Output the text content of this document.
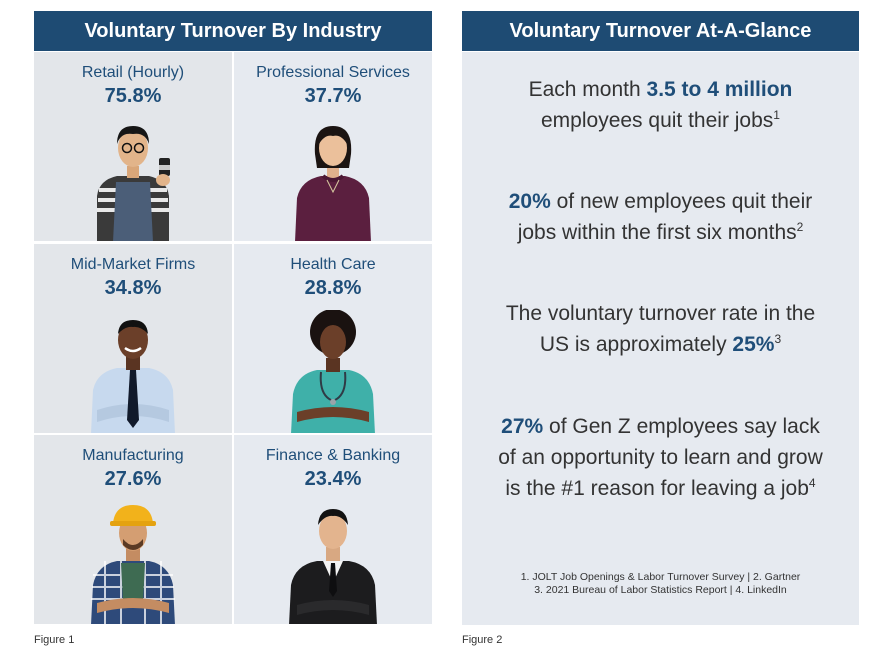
Voluntary Turnover By Industry
Retail (Hourly)
75.8%
Professional Services
37.7%
Mid-Market Firms
34.8%
Health Care
28.8%
Manufacturing
27.6%
Finance & Banking
23.4%
Figure 1
Voluntary Turnover At-A-Glance
Each month 3.5 to 4 million employees quit their jobs$^1$
20% of new employees quit their jobs within the first six months$^2$
The voluntary turnover rate in the US is approximately 25%$^3$
27% of Gen Z employees say lack of an opportunity to learn and grow is the #1 reason for leaving a job$^4$
1. JOLT Job Openings & Labor Turnover Survey | 2. Gartner
3. 2021 Bureau of Labor Statistics Report | 4. LinkedIn
Figure 2
